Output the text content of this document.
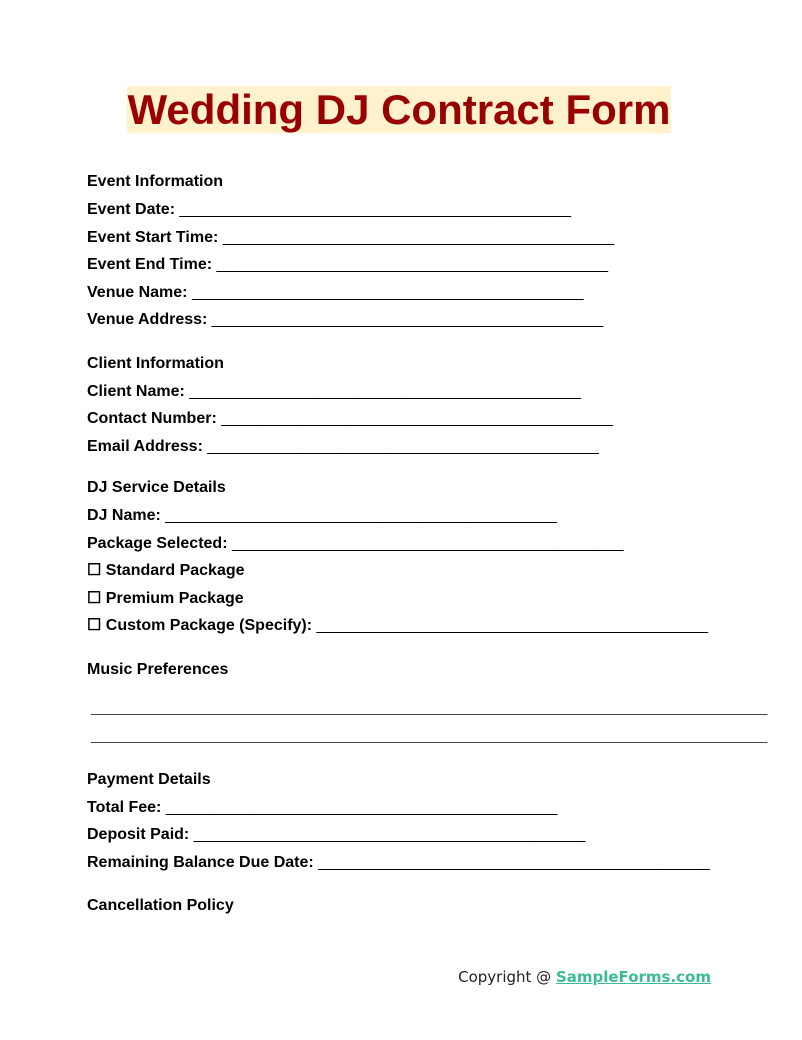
Wedding DJ Contract Form
Event Information
Event Date: ____________________________________________
Event Start Time: ____________________________________________
Event End Time: ____________________________________________
Venue Name: ____________________________________________
Venue Address: ____________________________________________
Client Information
Client Name: ____________________________________________
Contact Number: ____________________________________________
Email Address: ____________________________________________
DJ Service Details
DJ Name: ____________________________________________
Package Selected: ____________________________________________
☐ Standard Package
☐ Premium Package
☐ Custom Package (Specify): ____________________________________________
Music Preferences
____________________________________________________________________________
____________________________________________________________________________
Payment Details
Total Fee: ____________________________________________
Deposit Paid: ____________________________________________
Remaining Balance Due Date: ____________________________________________
Cancellation Policy
Copyright @ SampleForms.com
